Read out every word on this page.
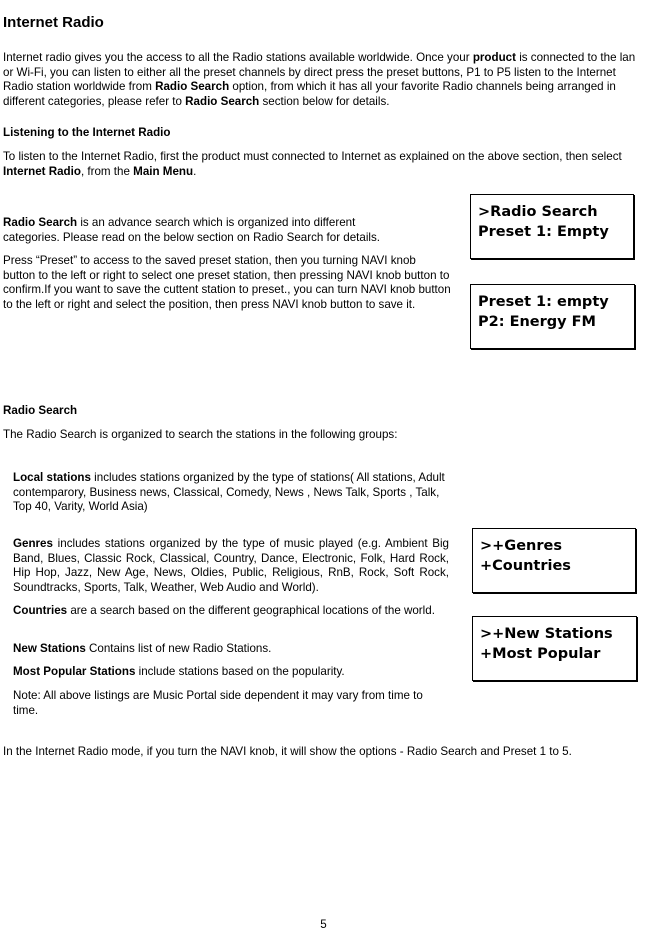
Internet Radio
Internet radio gives you the access to all the Radio stations available worldwide. Once your product is connected to the lan or Wi-Fi, you can listen to either all the preset channels by direct press the preset buttons, P1 to P5 listen to the Internet Radio station worldwide from Radio Search option, from which it has all your favorite Radio channels being arranged in different categories, please refer to Radio Search section below for details.
Listening to the Internet Radio
To listen to the Internet Radio, first the product must connected to Internet as explained on the above section, then select Internet Radio, from the Main Menu.
Radio Search is an advance search which is organized into different categories. Please read on the below section on Radio Search for details.
Press “Preset” to access to the saved preset station, then you turning NAVI knob button to the left or right to select one preset station, then pressing NAVI knob button to confirm.If you want to save the cuttent station to preset., you can turn NAVI knob button to the left or right and select the position, then press NAVI knob button to save it.
>Radio Search
Preset 1: Empty
Preset 1: empty
P2: Energy FM
Radio Search
The Radio Search is organized to search the stations in the following groups:
Local stations includes stations organized by the type of stations( All stations, Adult contemparory, Business news, Classical, Comedy, News , News Talk, Sports , Talk, Top 40, Varity, World Asia)
Genres includes stations organized by the type of music played (e.g. Ambient Big Band, Blues, Classic Rock, Classical, Country, Dance, Electronic, Folk, Hard Rock, Hip Hop, Jazz, New Age, News, Oldies, Public, Religious, RnB, Rock, Soft Rock, Soundtracks, Sports, Talk, Weather, Web Audio and World).
Countries are a search based on the different geographical locations of the world.
New Stations Contains list of new Radio Stations.
Most Popular Stations include stations based on the popularity.
Note: All above listings are Music Portal side dependent it may vary from time to time.
>+Genres
+Countries
>+New Stations
+Most Popular
In the Internet Radio mode, if you turn the NAVI knob, it will show the options - Radio Search and Preset 1 to 5.
5
